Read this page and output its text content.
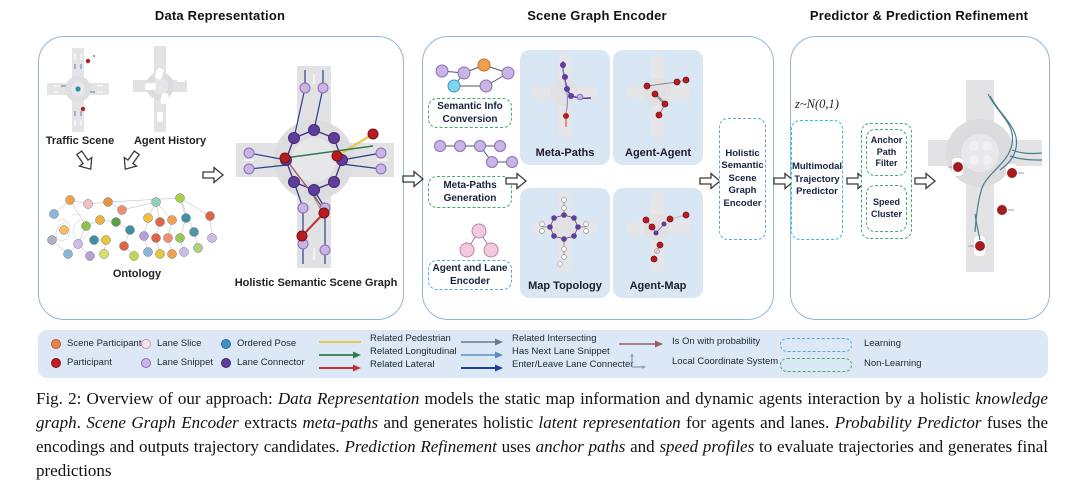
Data Representation	Scene Graph Encoder	Predictor & Prediction Refinement
Traffic Scene	Agent History
Ontology
Holistic Semantic Scene Graph
Semantic Info Conversion
Meta-Paths Generation
Agent and Lane Encoder
Meta-Paths	Agent-Agent
Map Topology	Agent-Map
Holistic Semantic Scene Graph Encoder
z~N(0,1)
Multimodal Trajectory Predictor
Anchor Path Filter
Speed Cluster
Scene Participant
Participant
Lane Slice
Lane Snippet
Ordered Pose
Lane Connector
Related Pedestrian
Related Longitudinal
Related Lateral
Related Intersecting
Has Next Lane Snippet
Enter/Leave Lane Connecter
Is On with probability
Local Coordinate System
Learning
Non-Learning
Fig. 2: Overview of our approach: Data Representation models the static map information and dynamic agents interaction by a holistic knowledge graph. Scene Graph Encoder extracts meta-paths and generates holistic latent representation for agents and lanes. Probability Predictor fuses the encodings and outputs trajectory candidates. Prediction Refinement uses anchor paths and speed profiles to evaluate trajectories and generates final predictions
